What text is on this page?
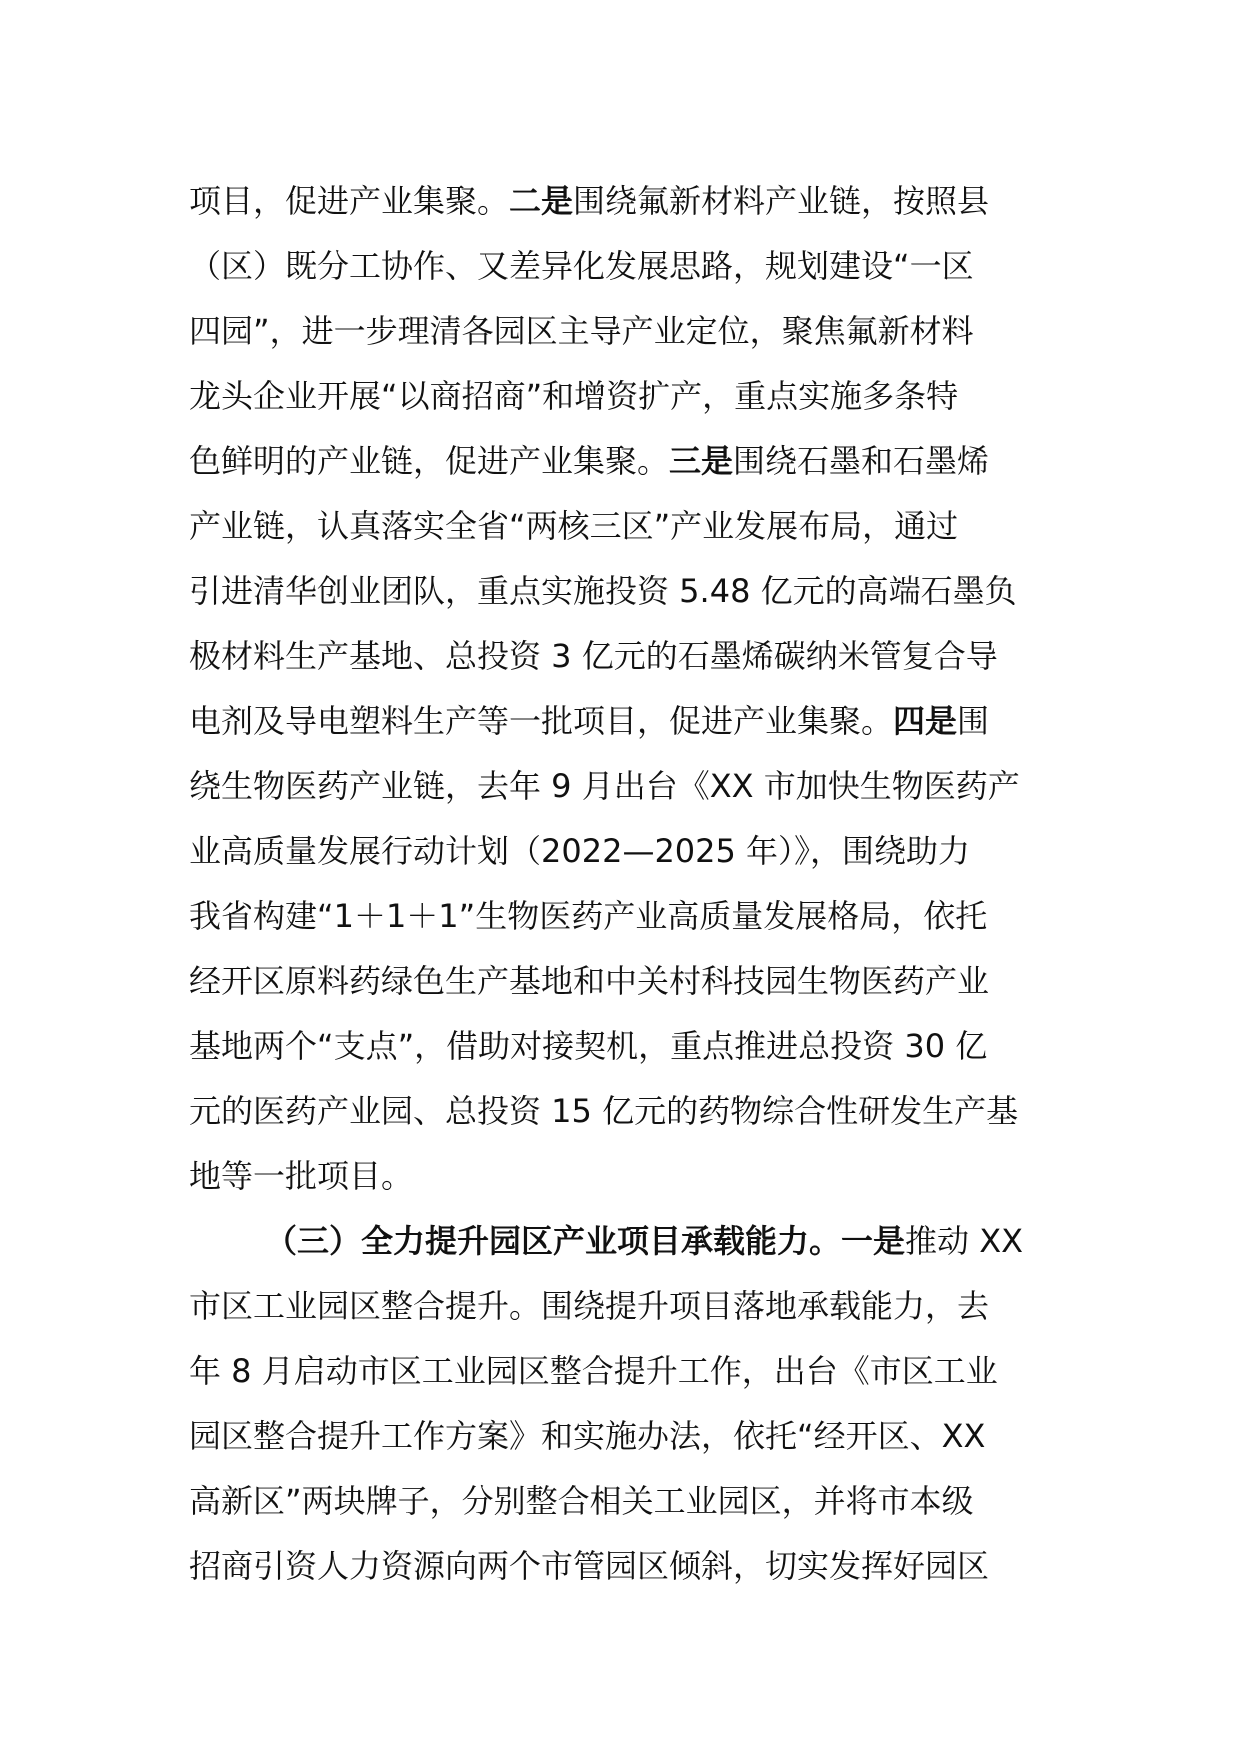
项目，促进产业集聚。二是围绕氟新材料产业链，按照县
（区）既分工协作、又差异化发展思路，规划建设“一区
四园”，进一步理清各园区主导产业定位，聚焦氟新材料
龙头企业开展“以商招商”和增资扩产，重点实施多条特
色鲜明的产业链，促进产业集聚。三是围绕石墨和石墨烯
产业链，认真落实全省“两核三区”产业发展布局，通过
引进清华创业团队，重点实施投资 5.48 亿元的高端石墨负
极材料生产基地、总投资 3 亿元的石墨烯碳纳米管复合导
电剂及导电塑料生产等一批项目，促进产业集聚。四是围
绕生物医药产业链，去年 9 月出台《XX 市加快生物医药产
业高质量发展行动计划（2022—2025 年）》，围绕助力
我省构建“1＋1＋1”生物医药产业高质量发展格局，依托
经开区原料药绿色生产基地和中关村科技园生物医药产业
基地两个“支点”，借助对接契机，重点推进总投资 30 亿
元的医药产业园、总投资 15 亿元的药物综合性研发生产基
地等一批项目。
（三）全力提升园区产业项目承载能力。一是推动 XX
市区工业园区整合提升。围绕提升项目落地承载能力，去
年 8 月启动市区工业园区整合提升工作，出台《市区工业
园区整合提升工作方案》和实施办法，依托“经开区、XX
高新区”两块牌子，分别整合相关工业园区，并将市本级
招商引资人力资源向两个市管园区倾斜，切实发挥好园区
